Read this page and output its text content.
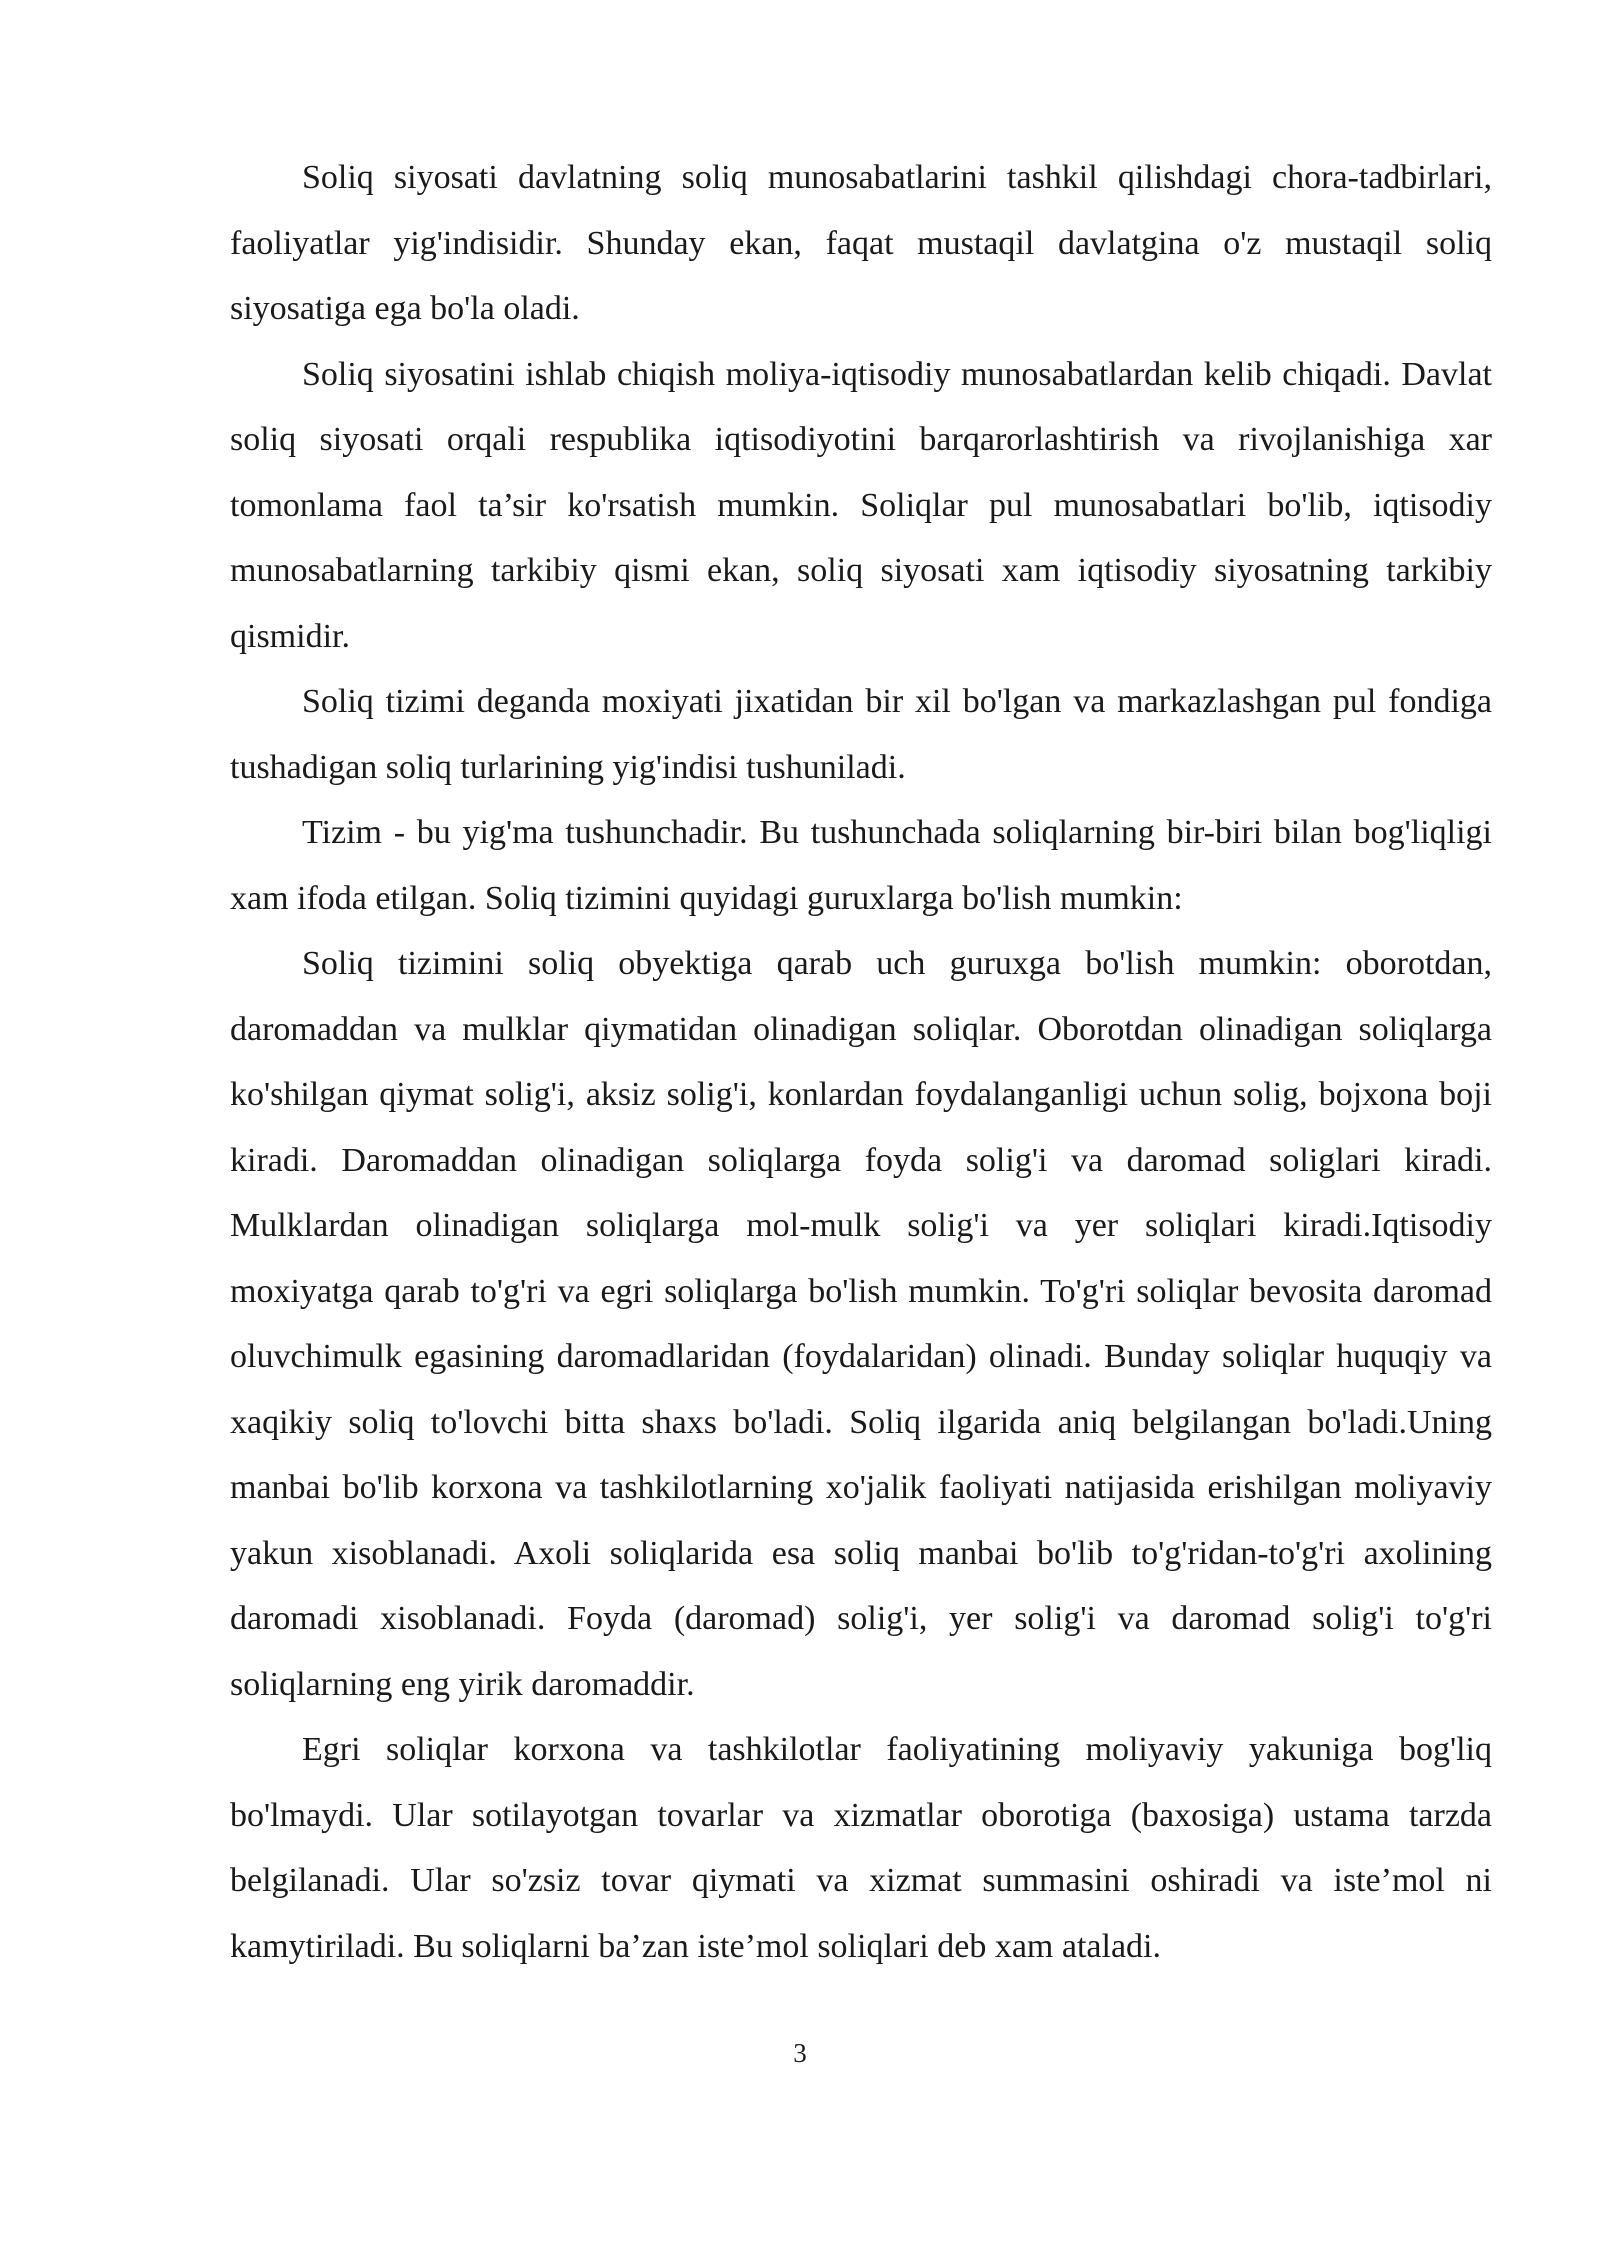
Soliq siyosati davlatning soliq munosabatlarini tashkil qilishdagi chora-tadbirlari, faoliyatlar yig'indisidir. Shunday ekan, faqat mustaqil davlatgina o'z mustaqil soliq siyosatiga ega bo'la oladi.

Soliq siyosatini ishlab chiqish moliya-iqtisodiy munosabatlardan kelib chiqadi. Davlat soliq siyosati orqali respublika iqtisodiyotini barqarorlashtirish va rivojlanishiga xar tomonlama faol ta’sir ko'rsatish mumkin. Soliqlar pul munosabatlari bo'lib, iqtisodiy munosabatlarning tarkibiy qismi ekan, soliq siyosati xam iqtisodiy siyosatning tarkibiy qismidir.

Soliq tizimi deganda moxiyati jixatidan bir xil bo'lgan va markazlashgan pul fondiga tushadigan soliq turlarining yig'indisi tushuniladi.

Tizim - bu yig'ma tushunchadir. Bu tushunchada soliqlarning bir-biri bilan bog'liqligi xam ifoda etilgan. Soliq tizimini quyidagi guruxlarga bo'lish mumkin:

Soliq tizimini soliq obyektiga qarab uch guruxga bo'lish mumkin: oborotdan, daromaddan va mulklar qiymatidan olinadigan soliqlar. Oborotdan olinadigan soliqlarga ko'shilgan qiymat solig'i, aksiz solig'i, konlardan foydalanganligi uchun solig, bojxona boji kiradi. Daromaddan olinadigan soliqlarga foyda solig'i va daromad soliglari kiradi. Mulklardan olinadigan soliqlarga mol-mulk solig'i va yer soliqlari kiradi.Iqtisodiy moxiyatga qarab to'g'ri va egri soliqlarga bo'lish mumkin. To'g'ri soliqlar bevosita daromad oluvchimulk egasining daromadlaridan (foydalaridan) olinadi. Bunday soliqlar huquqiy va xaqikiy soliq to'lovchi bitta shaxs bo'ladi. Soliq ilgarida aniq belgilangan bo'ladi.Uning manbai bo'lib korxona va tashkilotlarning xo'jalik faoliyati natijasida erishilgan moliyaviy yakun xisoblanadi. Axoli soliqlarida esa soliq manbai bo'lib to'g'ridan-to'g'ri axolining daromadi xisoblanadi. Foyda (daromad) solig'i, yer solig'i va daromad solig'i to'g'ri soliqlarning eng yirik daromaddir.

Egri soliqlar korxona va tashkilotlar faoliyatining moliyaviy yakuniga bog'liq bo'lmaydi. Ular sotilayotgan tovarlar va xizmatlar oborotiga (baxosiga) ustama tarzda belgilanadi. Ular so'zsiz tovar qiymati va xizmat summasini oshiradi va iste’mol ni kamytiriladi. Bu soliqlarni ba’zan iste’mol soliqlari deb xam ataladi.

3
